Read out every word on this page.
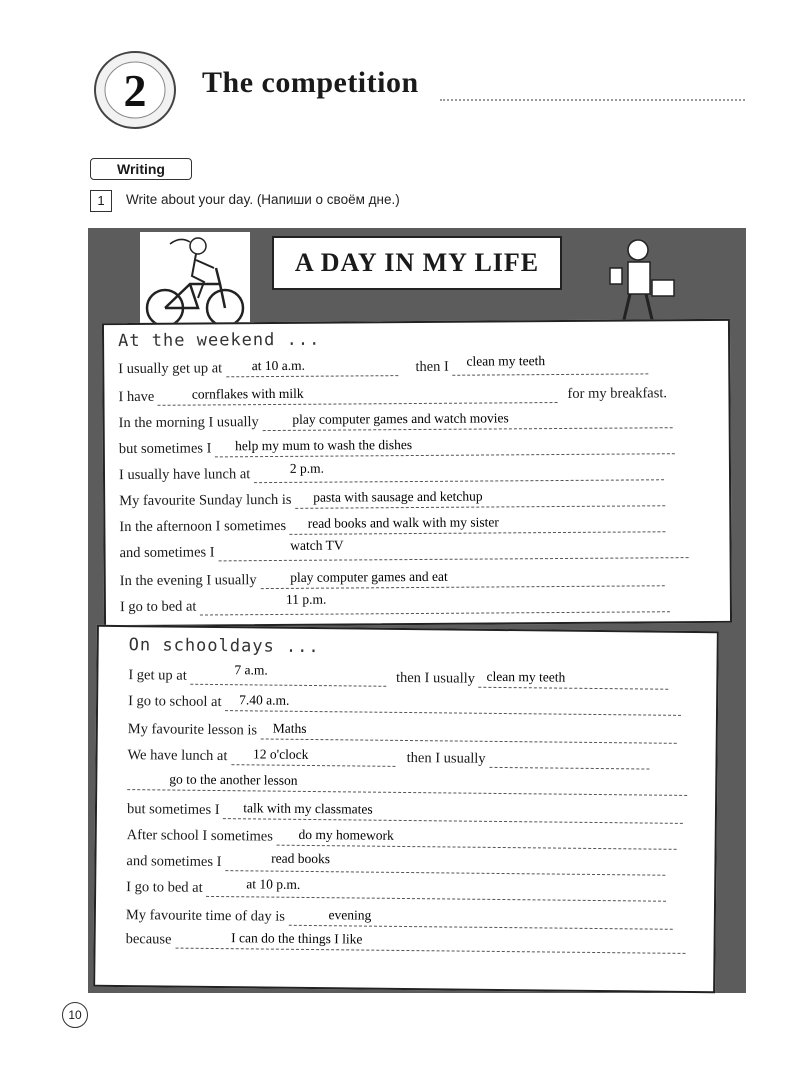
2 The competition
Writing
1	Write about your day. (Напиши о своём дне.)
A DAY IN MY LIFE
At the weekend ...
I usually get up at at 10 a.m.	then I clean my teeth
I have	cornflakes with milk	for my breakfast.
In the morning I usually play computer games and watch movies
but sometimes I help my mum to wash the dishes
I usually have lunch at	2 p.m.
My favourite Sunday lunch is pasta with sausage and ketchup
In the afternoon I sometimes read books and walk with my sister
and sometimes I	watch TV
In the evening I usually play computer games and eat
I go to bed at	11 p.m.
On schooldays ...
I get up at	7 a.m.
then I usually clean my teeth
I go to school at 7.40 a.m.
My favourite lesson is Maths
We have lunch at 12 o'clock	then I usually
go to the another lesson
but sometimes I talk with my classmates
After school I sometimes do my homework
and sometimes I	read books
I go to bed at	at 10 p.m.
My favourite time of day is	evening
because	I can do the things I like
10
